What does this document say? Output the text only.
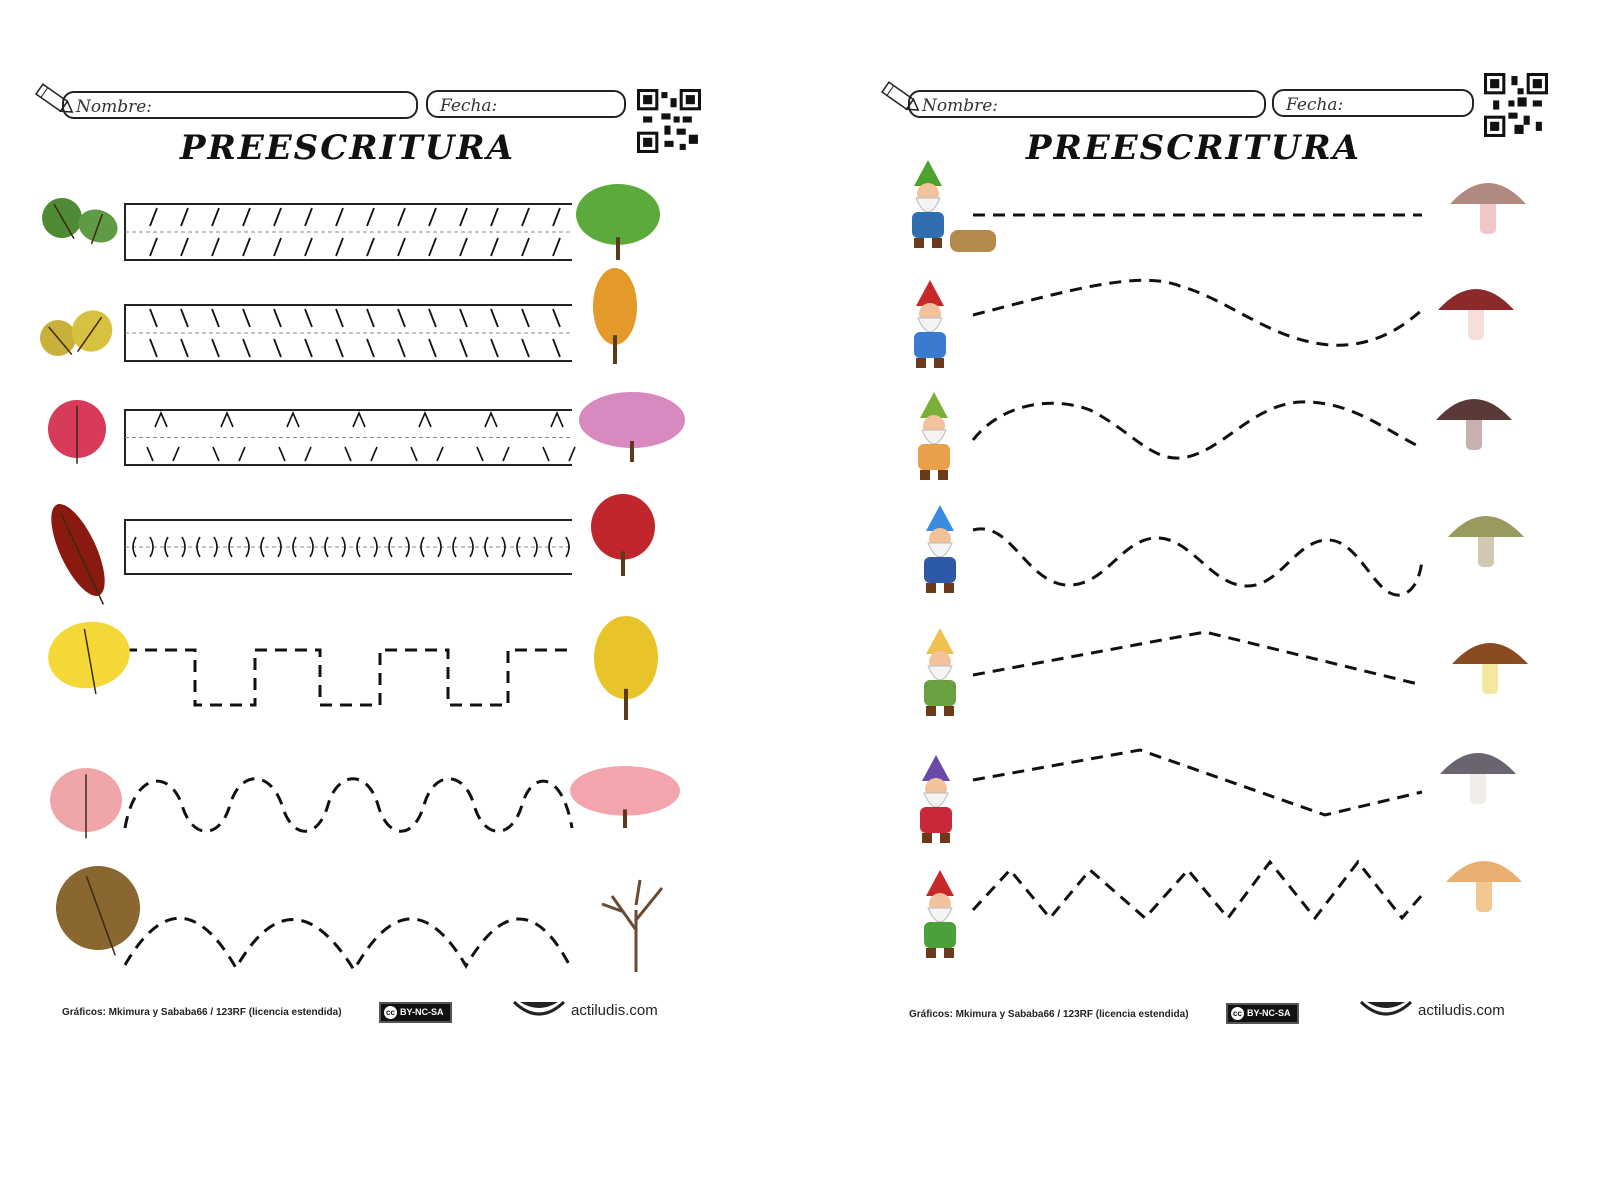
Nombre:	Fecha:
PREESCRITURA
Gráficos: Mkimura y Sababa66 / 123RF (licencia estendida)	cc BY-NC-SA	actiludis.com
Nombre:	Fecha:
PREESCRITURA
Gráficos: Mkimura y Sababa66 / 123RF (licencia estendida)	cc BY-NC-SA	actiludis.com
